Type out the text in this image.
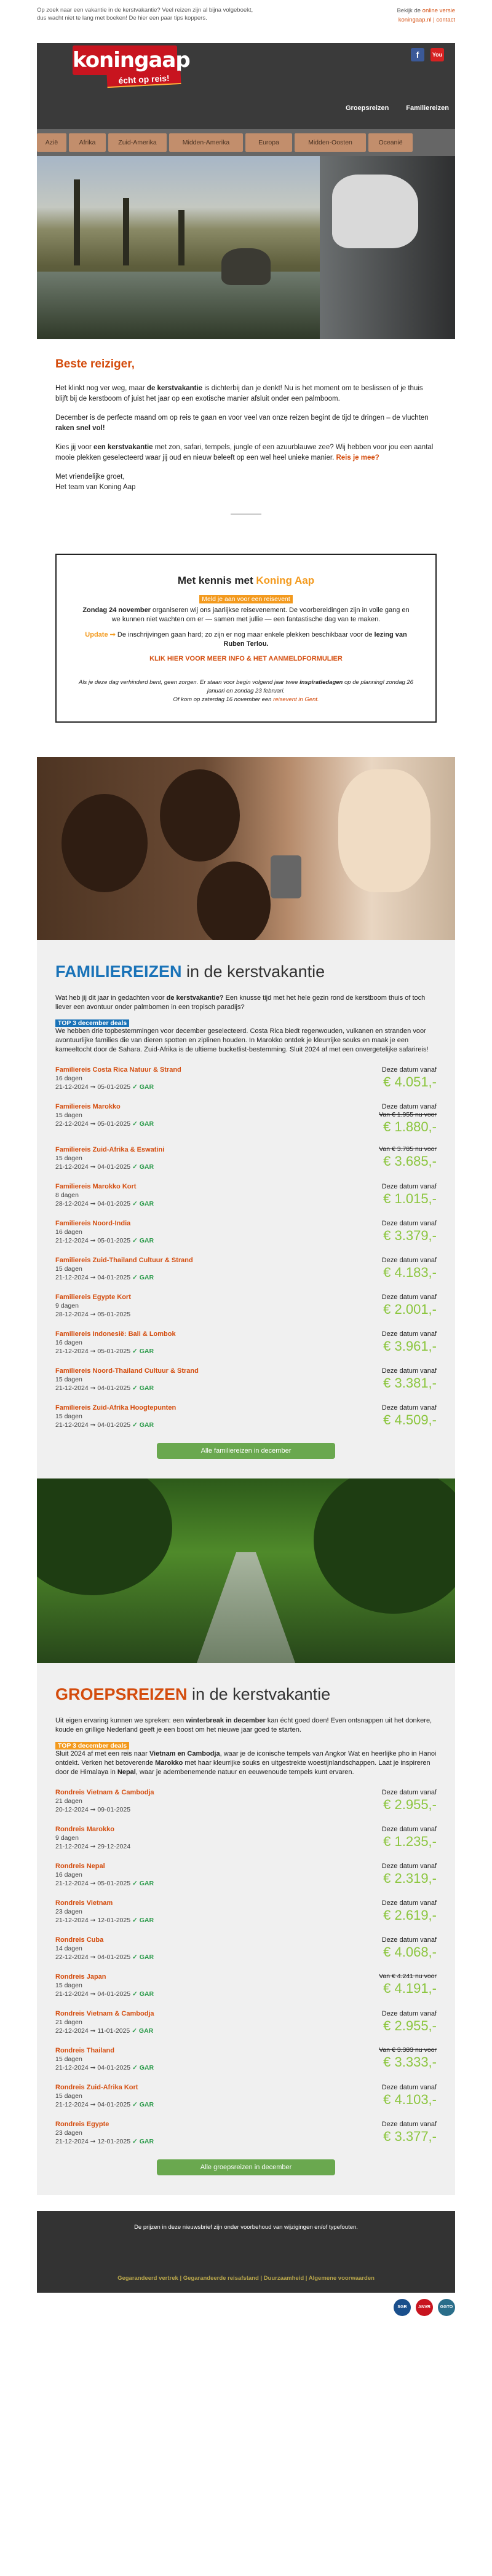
Op zoek naar een vakantie in de kerstvakantie? Veel reizen zijn al bijna volgeboekt, dus wacht niet te lang met boeken! De hier een paar tips koppers.
Bekijk de online versie
koningaap.nl | contact
koningaap
écht op reis!
f	You
Groepsreizen	Familiereizen
Azië	Afrika	Zuid-Amerika	Midden-Amerika	Europa	Midden-Oosten	Oceanië
Beste reiziger,

Het klinkt nog ver weg, maar de kerstvakantie is dichterbij dan je denkt! Nu is het moment om te beslissen of je thuis blijft bij de kerstboom of juist het jaar op een exotische manier afsluit onder een palmboom.

December is de perfecte maand om op reis te gaan en voor veel van onze reizen begint de tijd te dringen – de vluchten raken snel vol!

Kies jij voor een kerstvakantie met zon, safari, tempels, jungle of een azuurblauwe zee? Wij hebben voor jou een aantal mooie plekken geselecteerd waar jij oud en nieuw beleeft op een wel heel unieke manier. Reis je mee?

Met vriendelijke groet,
Het team van Koning Aap

Met kennis met Koning Aap
Meld je aan voor een reisevent

Zondag 24 november organiseren wij ons jaarlijkse reisevenement. De voorbereidingen zijn in volle gang en we kunnen niet wachten om er — samen met jullie — een fantastische dag van te maken.

Update ➞ De inschrijvingen gaan hard; zo zijn er nog maar enkele plekken beschikbaar voor de lezing van Ruben Terlou.

KLIK HIER VOOR MEER INFO & HET AANMELDFORMULIER

Als je deze dag verhinderd bent, geen zorgen. Er staan voor begin volgend jaar twee inspiratiedagen op de planning! zondag 26 januari en zondag 23 februari.
Of kom op zaterdag 16 november een reisevent in Gent.

FAMILIEREIZEN in de kerstvakantie

Wat heb jij dit jaar in gedachten voor de kerstvakantie? Een knusse tijd met het hele gezin rond de kerstboom thuis of toch liever een avontuur onder palmbomen in een tropisch paradijs?

TOP 3 december deals

We hebben drie topbestemmingen voor december geselecteerd. Costa Rica biedt regenwouden, vulkanen en stranden voor avontuurlijke families die van dieren spotten en ziplinen houden. In Marokko ontdek je kleurrijke souks en maak je een kameeltocht door de Sahara. Zuid-Afrika is de ultieme bucketlist-bestemming. Sluit 2024 af met een onvergetelijke safarireis!

Familiereis Costa Rica Natuur & Strand
16 dagen
21-12-2024 ➞ 05-01-2025 ✓ GAR
Deze datum vanaf
€ 4.051,-
Familiereis Marokko
15 dagen
22-12-2024 ➞ 05-01-2025 ✓ GAR
Deze datum vanaf
Van € 1.955 nu voor
€ 1.880,-
Familiereis Zuid-Afrika & Eswatini
15 dagen
21-12-2024 ➞ 04-01-2025 ✓ GAR
Van € 3.785 nu voor
€ 3.685,-
Familiereis Marokko Kort
8 dagen
28-12-2024 ➞ 04-01-2025 ✓ GAR
Deze datum vanaf
€ 1.015,-
Familiereis Noord-India
16 dagen
21-12-2024 ➞ 05-01-2025 ✓ GAR
Deze datum vanaf
€ 3.379,-
Familiereis Zuid-Thailand Cultuur & Strand
15 dagen
21-12-2024 ➞ 04-01-2025 ✓ GAR
Deze datum vanaf
€ 4.183,-
Familiereis Egypte Kort
9 dagen
28-12-2024 ➞ 05-01-2025
Deze datum vanaf
€ 2.001,-
Familiereis Indonesië: Bali & Lombok
16 dagen
21-12-2024 ➞ 05-01-2025 ✓ GAR
Deze datum vanaf
€ 3.961,-
Familiereis Noord-Thailand Cultuur & Strand
15 dagen
21-12-2024 ➞ 04-01-2025 ✓ GAR
Deze datum vanaf
€ 3.381,-
Familiereis Zuid-Afrika Hoogtepunten
15 dagen
21-12-2024 ➞ 04-01-2025 ✓ GAR
Deze datum vanaf
€ 4.509,-
Alle familiereizen in december
GROEPSREIZEN in de kerstvakantie

Uit eigen ervaring kunnen we spreken: een winterbreak in december kan écht goed doen! Even ontsnappen uit het donkere, koude en grillige Nederland geeft je een boost om het nieuwe jaar goed te starten.

TOP 3 december deals

Sluit 2024 af met een reis naar Vietnam en Cambodja, waar je de iconische tempels van Angkor Wat en heerlijke pho in Hanoi ontdekt. Verken het betoverende Marokko met haar kleurrijke souks en uitgestrekte woestijnlandschappen. Laat je inspireren door de Himalaya in Nepal, waar je adembenemende natuur en eeuwenoude tempels kunt ervaren.

Rondreis Vietnam & Cambodja
21 dagen
20-12-2024 ➞ 09-01-2025
Deze datum vanaf
€ 2.955,-
Rondreis Marokko
9 dagen
21-12-2024 ➞ 29-12-2024
Deze datum vanaf
€ 1.235,-
Rondreis Nepal
16 dagen
21-12-2024 ➞ 05-01-2025 ✓ GAR
Deze datum vanaf
€ 2.319,-
Rondreis Vietnam
23 dagen
21-12-2024 ➞ 12-01-2025 ✓ GAR
Deze datum vanaf
€ 2.619,-
Rondreis Cuba
14 dagen
22-12-2024 ➞ 04-01-2025 ✓ GAR
Deze datum vanaf
€ 4.068,-
Rondreis Japan
15 dagen
21-12-2024 ➞ 04-01-2025 ✓ GAR
Van € 4.241 nu voor
€ 4.191,-
Rondreis Vietnam & Cambodja
21 dagen
22-12-2024 ➞ 11-01-2025 ✓ GAR
Deze datum vanaf
€ 2.955,-
Rondreis Thailand
15 dagen
21-12-2024 ➞ 04-01-2025 ✓ GAR
Van € 3.383 nu voor
€ 3.333,-
Rondreis Zuid-Afrika Kort
15 dagen
21-12-2024 ➞ 04-01-2025 ✓ GAR
Deze datum vanaf
€ 4.103,-
Rondreis Egypte
23 dagen
21-12-2024 ➞ 12-01-2025 ✓ GAR
Deze datum vanaf
€ 3.377,-
Alle groepsreizen in december
De prijzen in deze nieuwsbrief zijn onder voorbehoud van wijzigingen en/of typefouten.
Gegarandeerd vertrek | Gegarandeerde reisafstand | Duurzaamheid | Algemene voorwaarden
SGR	ANVR	GGTO
